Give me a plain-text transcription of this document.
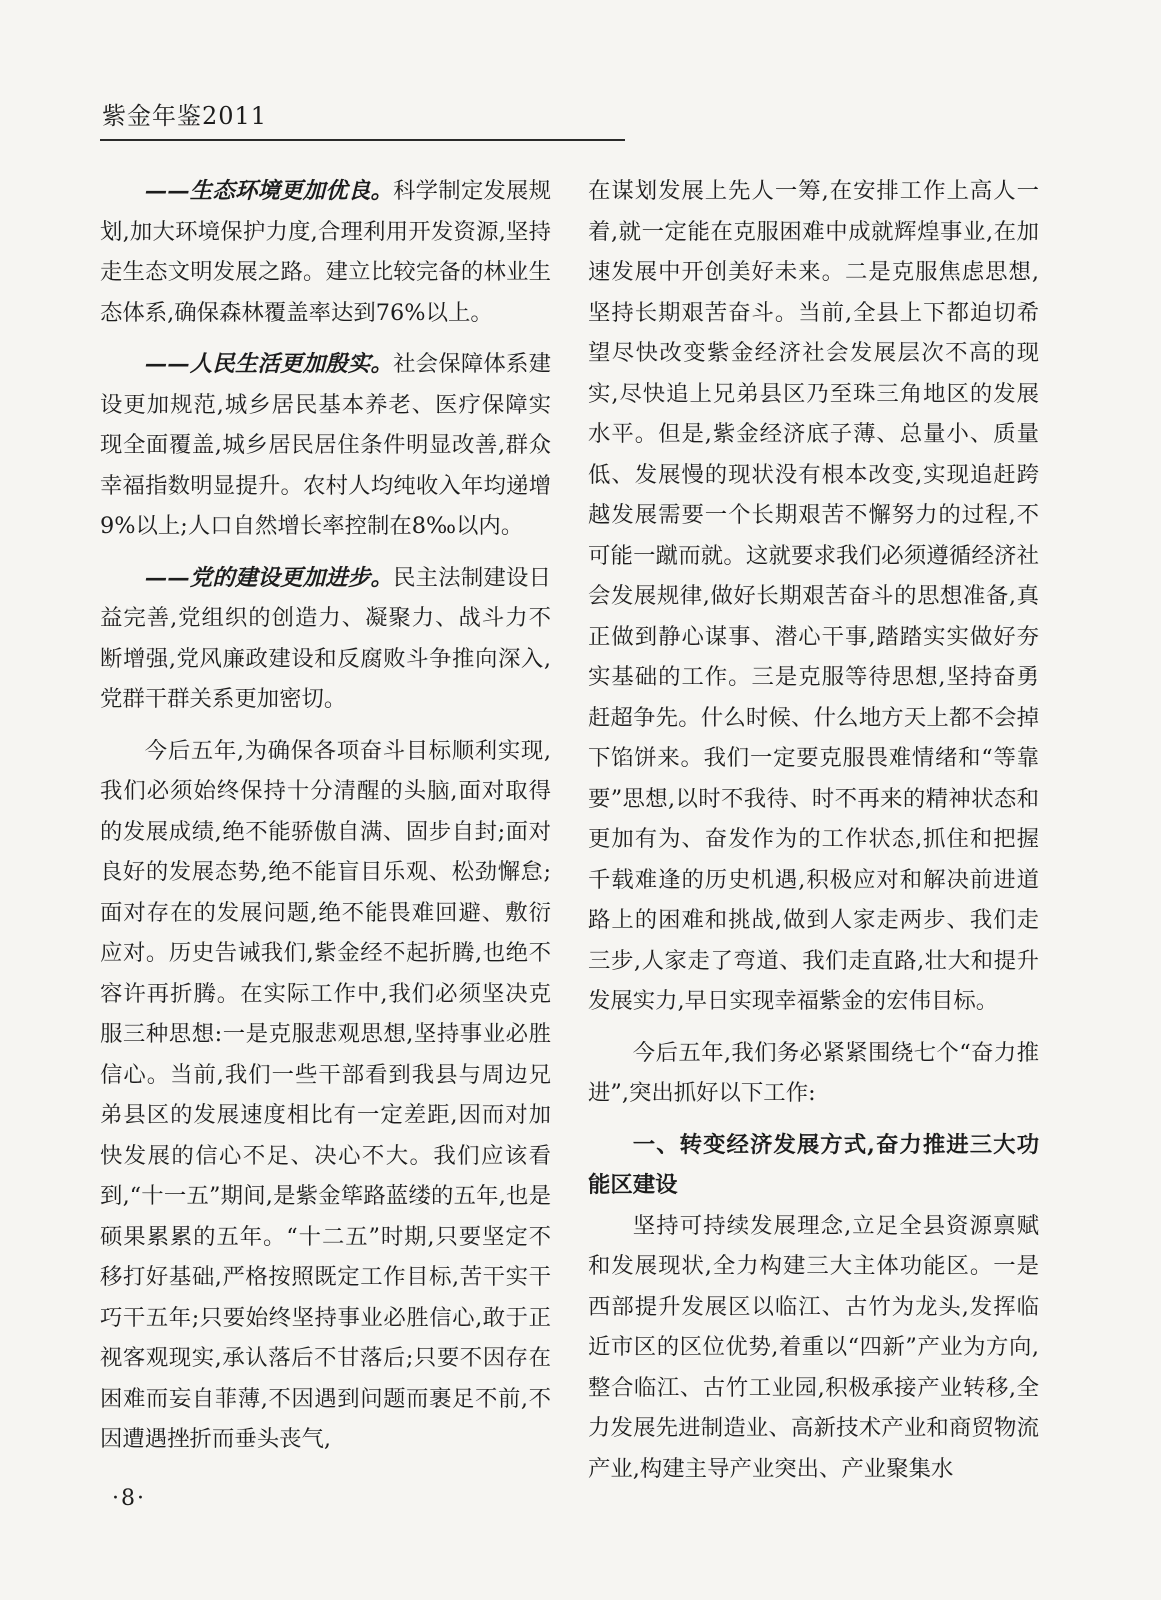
紫金年鉴2011

——生态环境更加优良。科学制定发展规划,加大环境保护力度,合理利用开发资源,坚持走生态文明发展之路。建立比较完备的林业生态体系,确保森林覆盖率达到76%以上。

——人民生活更加殷实。社会保障体系建设更加规范,城乡居民基本养老、医疗保障实现全面覆盖,城乡居民居住条件明显改善,群众幸福指数明显提升。农村人均纯收入年均递增9%以上;人口自然增长率控制在8‰以内。

——党的建设更加进步。民主法制建设日益完善,党组织的创造力、凝聚力、战斗力不断增强,党风廉政建设和反腐败斗争推向深入,党群干群关系更加密切。

今后五年,为确保各项奋斗目标顺利实现,我们必须始终保持十分清醒的头脑,面对取得的发展成绩,绝不能骄傲自满、固步自封;面对良好的发展态势,绝不能盲目乐观、松劲懈怠;面对存在的发展问题,绝不能畏难回避、敷衍应对。历史告诫我们,紫金经不起折腾,也绝不容许再折腾。在实际工作中,我们必须坚决克服三种思想:一是克服悲观思想,坚持事业必胜信心。当前,我们一些干部看到我县与周边兄弟县区的发展速度相比有一定差距,因而对加快发展的信心不足、决心不大。我们应该看到,“十一五”期间,是紫金筚路蓝缕的五年,也是硕果累累的五年。“十二五”时期,只要坚定不移打好基础,严格按照既定工作目标,苦干实干巧干五年;只要始终坚持事业必胜信心,敢于正视客观现实,承认落后不甘落后;只要不因存在困难而妄自菲薄,不因遇到问题而裹足不前,不因遭遇挫折而垂头丧气,

在谋划发展上先人一筹,在安排工作上高人一着,就一定能在克服困难中成就辉煌事业,在加速发展中开创美好未来。二是克服焦虑思想,坚持长期艰苦奋斗。当前,全县上下都迫切希望尽快改变紫金经济社会发展层次不高的现实,尽快追上兄弟县区乃至珠三角地区的发展水平。但是,紫金经济底子薄、总量小、质量低、发展慢的现状没有根本改变,实现追赶跨越发展需要一个长期艰苦不懈努力的过程,不可能一蹴而就。这就要求我们必须遵循经济社会发展规律,做好长期艰苦奋斗的思想准备,真正做到静心谋事、潜心干事,踏踏实实做好夯实基础的工作。三是克服等待思想,坚持奋勇赶超争先。什么时候、什么地方天上都不会掉下馅饼来。我们一定要克服畏难情绪和“等靠要”思想,以时不我待、时不再来的精神状态和更加有为、奋发作为的工作状态,抓住和把握千载难逢的历史机遇,积极应对和解决前进道路上的困难和挑战,做到人家走两步、我们走三步,人家走了弯道、我们走直路,壮大和提升发展实力,早日实现幸福紫金的宏伟目标。

今后五年,我们务必紧紧围绕七个“奋力推进”,突出抓好以下工作:

一、转变经济发展方式,奋力推进三大功能区建设

坚持可持续发展理念,立足全县资源禀赋和发展现状,全力构建三大主体功能区。一是西部提升发展区以临江、古竹为龙头,发挥临近市区的区位优势,着重以“四新”产业为方向,整合临江、古竹工业园,积极承接产业转移,全力发展先进制造业、高新技术产业和商贸物流产业,构建主导产业突出、产业聚集水

·8·
